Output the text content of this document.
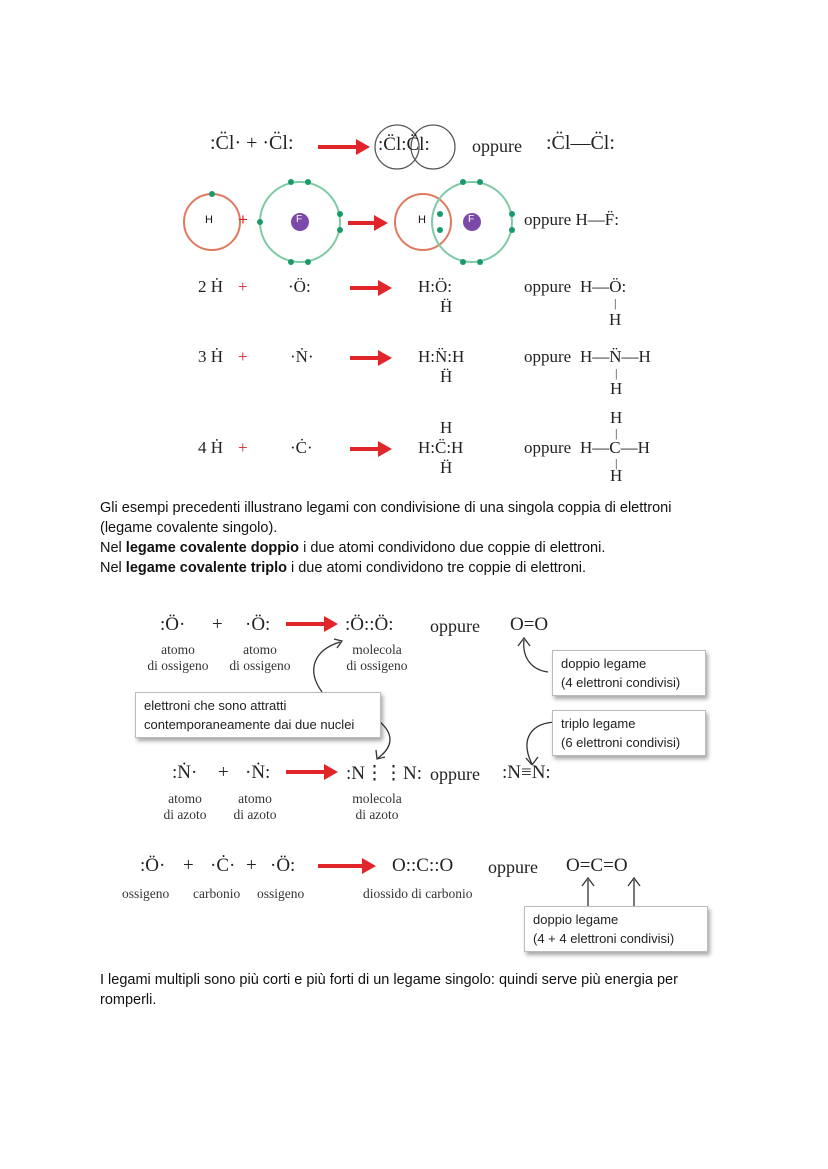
:C̈l· + ·C̈l:	:C̈l:C̈l: oppure :C̈l—C̈l:
H	F
+	H	F	oppure H—F̈:
2 Ḣ + ·Ö:	H:Ö:
Ḧ
oppure H—Ö:
|
H
3 Ḣ + ·Ṅ·	H:N̈:H
Ḧ
oppure H—N̈—H
|
H
H
H
|
4 Ḣ + ·Ċ·	H:C̈:H
Ḧ
oppure H—C—H
|
H
Gli esempi precedenti illustrano legami con condivisione di una singola coppia di elettroni
(legame covalente singolo).
Nel legame covalente doppio i due atomi condividono due coppie di elettroni.
Nel legame covalente triplo i due atomi condividono tre coppie di elettroni.
:Ö· + ·Ö:	:Ö::Ö: oppure O=O
atomo
di ossigeno
atomo
di ossigeno
molecola
di ossigeno	doppio legame
(4 elettroni condivisi)
elettroni che sono attratti
contemporaneamente dai due nuclei	triplo legame
(6 elettroni condivisi)
:Ṅ· + ·Ṅ:	:N⋮⋮N: oppure :N≡N:
atomo
di azoto
atomo
di azoto
molecola
di azoto
:Ö· + ·Ċ· + ·Ö:	O::C::O oppure O=C=O
ossigeno carbonio ossigeno	diossido di carbonio
doppio legame
(4 + 4 elettroni condivisi)
I legami multipli sono più corti e più forti di un legame singolo: quindi serve più energia per
romperli.
